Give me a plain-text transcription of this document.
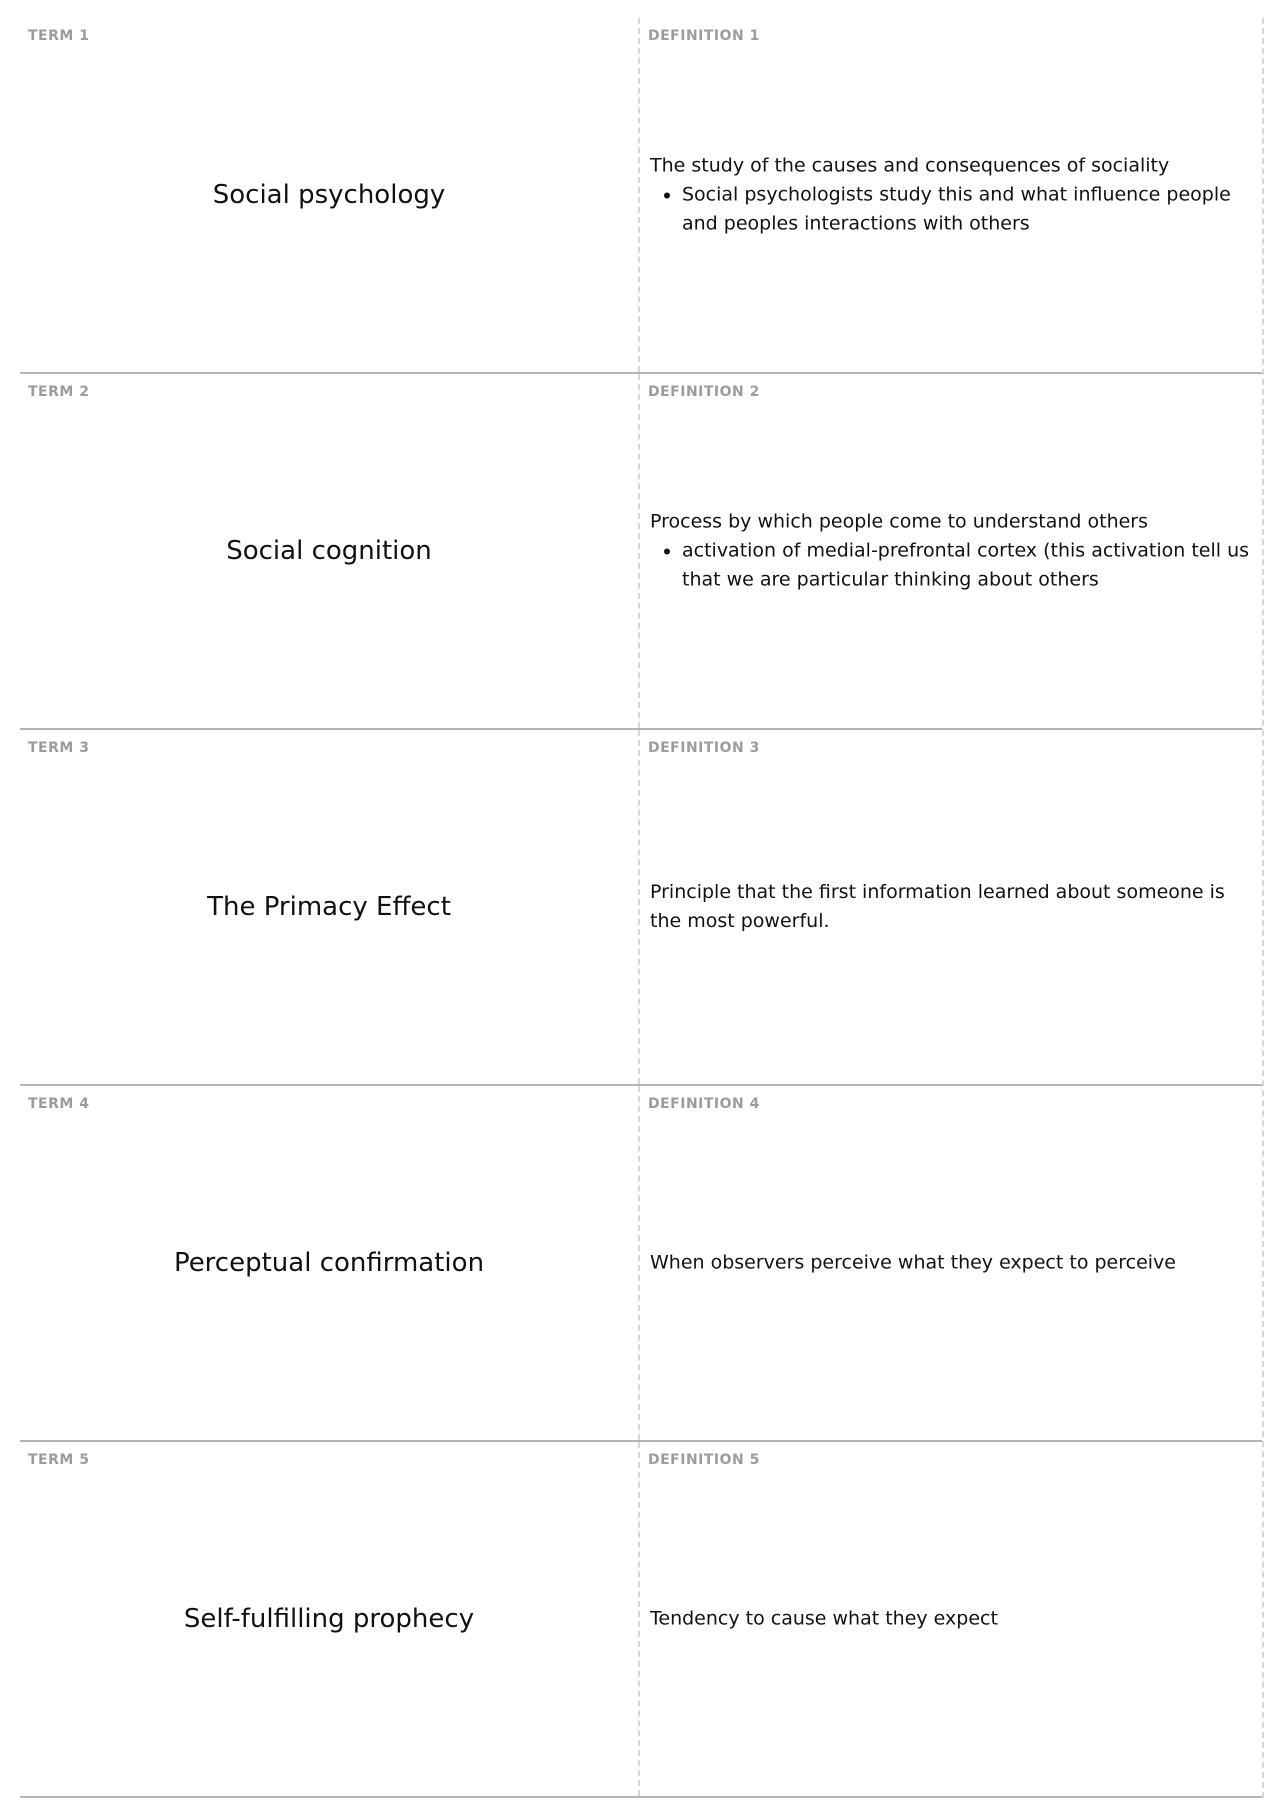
TERM 1
Social psychology
DEFINITION 1

The study of the causes and consequences of sociality

• Social psychologists study this and what influence people and peoples interactions with others
TERM 2
Social cognition
DEFINITION 2

Process by which people come to understand others

• activation of medial-prefrontal cortex (this activation tell us that we are particular thinking about others
TERM 3
The Primacy Effect
DEFINITION 3

Principle that the first information learned about someone is the most powerful.

TERM 4
Perceptual confirmation
DEFINITION 4

When observers perceive what they expect to perceive

TERM 5
Self-fulfilling prophecy
DEFINITION 5

Tendency to cause what they expect
